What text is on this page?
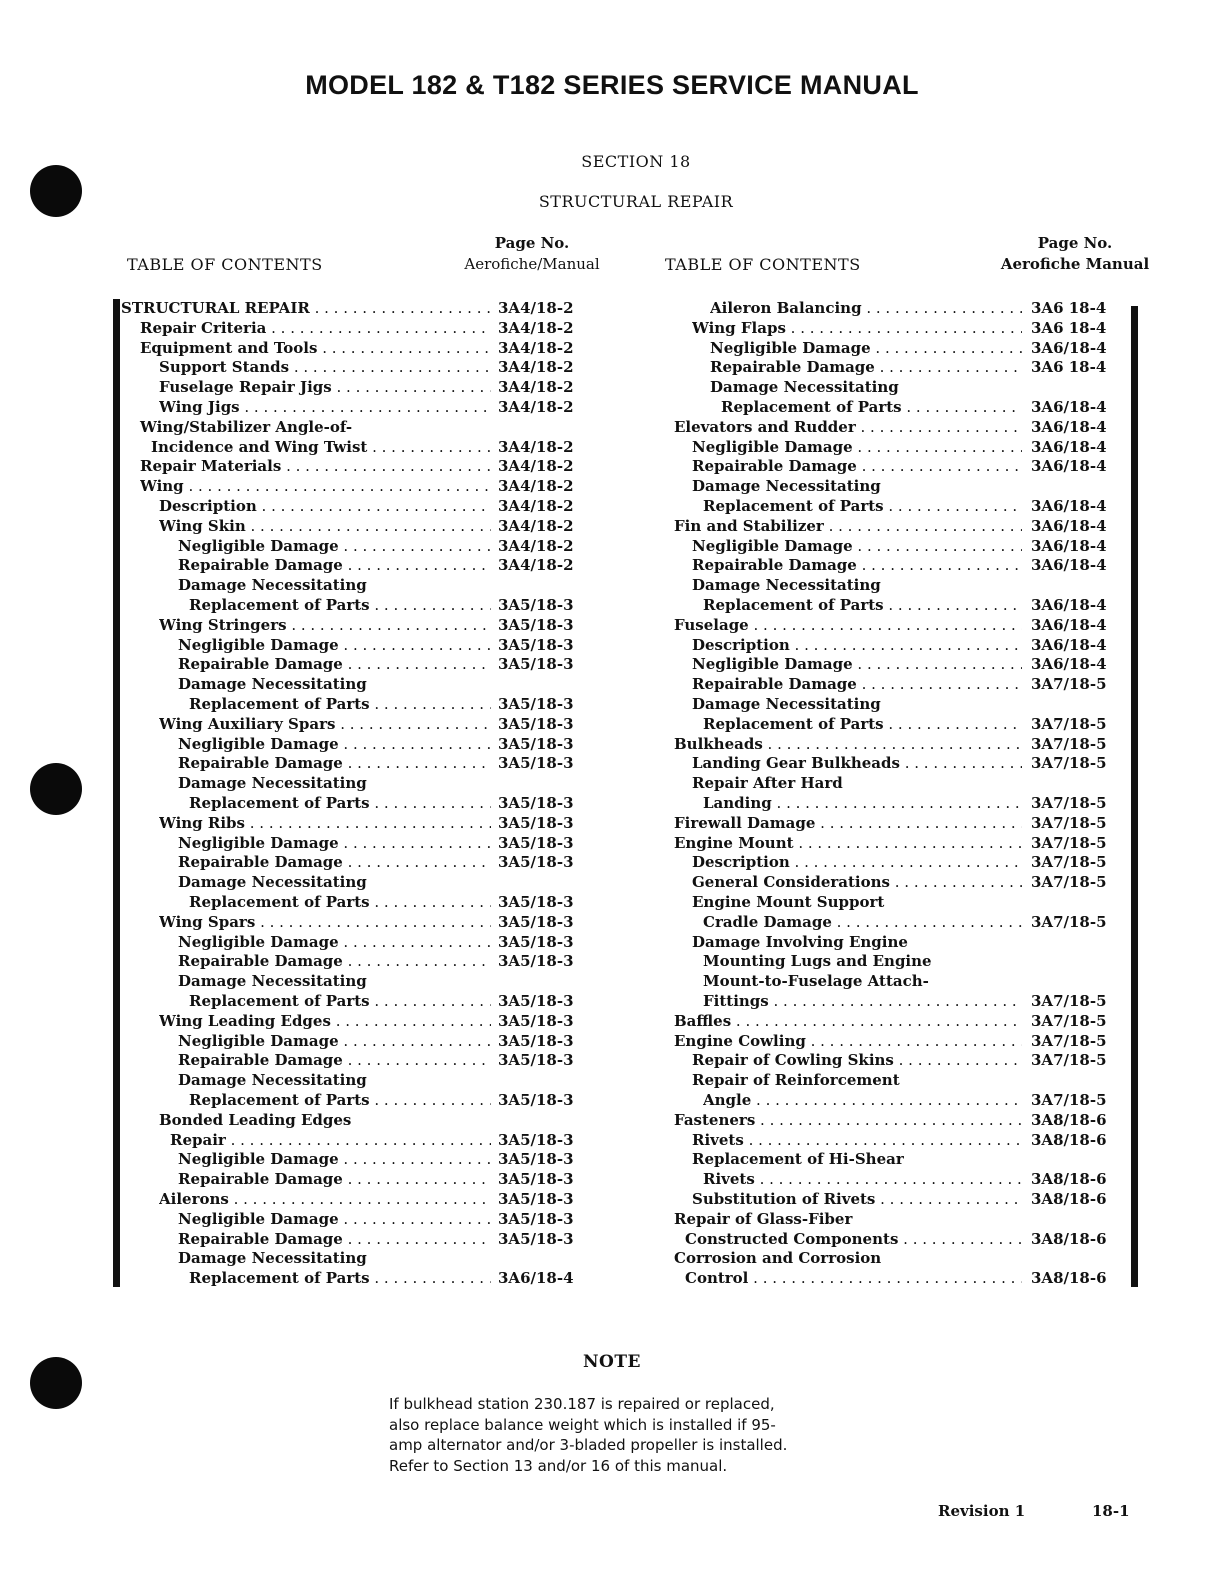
MODEL 182 & T182 SERIES SERVICE MANUAL
SECTION 18
STRUCTURAL REPAIR
TABLE OF CONTENTS
Page No.
Aerofiche/Manual	TABLE OF CONTENTS
Page No.
Aerofiche Manual
STRUCTURAL REPAIR . . .	3A4/18-2
Repair Criteria . . .	3A4/18-2
Equipment and Tools . . .	3A4/18-2
Support Stands . . .	3A4/18-2
Fuselage Repair Jigs . . .	3A4/18-2
Wing Jigs . . .	3A4/18-2
Wing/Stabilizer Angle-of-
Incidence and Wing Twist . . .	3A4/18-2
Repair Materials . . .	3A4/18-2
Wing . . .	3A4/18-2
Description . . .	3A4/18-2
Wing Skin . . .	3A4/18-2
Negligible Damage . . .	3A4/18-2
Repairable Damage . . .	3A4/18-2
Damage Necessitating
Replacement of Parts . . .	3A5/18-3
Wing Stringers . . .	3A5/18-3
Negligible Damage . . .	3A5/18-3
Repairable Damage . . .	3A5/18-3
Damage Necessitating
Replacement of Parts . . .	3A5/18-3
Wing Auxiliary Spars . . .	3A5/18-3
Negligible Damage . . .	3A5/18-3
Repairable Damage . . .	3A5/18-3
Damage Necessitating
Replacement of Parts . . .	3A5/18-3
Wing Ribs . . .	3A5/18-3
Negligible Damage . . .	3A5/18-3
Repairable Damage . . .	3A5/18-3
Damage Necessitating
Replacement of Parts . . .	3A5/18-3
Wing Spars . . .	3A5/18-3
Negligible Damage . . .	3A5/18-3
Repairable Damage . . .	3A5/18-3
Damage Necessitating
Replacement of Parts . . .	3A5/18-3
Wing Leading Edges . . .	3A5/18-3
Negligible Damage . . .	3A5/18-3
Repairable Damage . . .	3A5/18-3
Damage Necessitating
Replacement of Parts . . .	3A5/18-3
Bonded Leading Edges
Repair . . .	3A5/18-3
Negligible Damage . . .	3A5/18-3
Repairable Damage . . .	3A5/18-3
Ailerons . . .	3A5/18-3
Negligible Damage . . .	3A5/18-3
Repairable Damage . . .	3A5/18-3
Damage Necessitating
Replacement of Parts . . .	3A6/18-4
Aileron Balancing . . .	3A6 18-4
Wing Flaps . . .	3A6 18-4
Negligible Damage . . .	3A6/18-4
Repairable Damage . . .	3A6 18-4
Damage Necessitating
Replacement of Parts . . .	3A6/18-4
Elevators and Rudder . . .	3A6/18-4
Negligible Damage . . .	3A6/18-4
Repairable Damage . . .	3A6/18-4
Damage Necessitating
Replacement of Parts . . .	3A6/18-4
Fin and Stabilizer . . .	3A6/18-4
Negligible Damage . . .	3A6/18-4
Repairable Damage . . .	3A6/18-4
Damage Necessitating
Replacement of Parts . . .	3A6/18-4
Fuselage . . .	3A6/18-4
Description . . .	3A6/18-4
Negligible Damage . . .	3A6/18-4
Repairable Damage . . .	3A7/18-5
Damage Necessitating
Replacement of Parts . . .	3A7/18-5
Bulkheads . . .	3A7/18-5
Landing Gear Bulkheads . . .	3A7/18-5
Repair After Hard
Landing . . .	3A7/18-5
Firewall Damage . . .	3A7/18-5
Engine Mount . . .	3A7/18-5
Description . . .	3A7/18-5
General Considerations . . .	3A7/18-5
Engine Mount Support
Cradle Damage . . .	3A7/18-5
Damage Involving Engine
Mounting Lugs and Engine
Mount-to-Fuselage Attach-
Fittings . . .	3A7/18-5
Baffles . . .	3A7/18-5
Engine Cowling . . .	3A7/18-5
Repair of Cowling Skins . . .	3A7/18-5
Repair of Reinforcement
Angle . . .	3A7/18-5
Fasteners . . .	3A8/18-6
Rivets . . .	3A8/18-6
Replacement of Hi-Shear
Rivets . . .	3A8/18-6
Substitution of Rivets . . .	3A8/18-6
Repair of Glass-Fiber
Constructed Components . . .	3A8/18-6
Corrosion and Corrosion
Control . . .	3A8/18-6
NOTE
If bulkhead station 230.187 is repaired or replaced,
also replace balance weight which is installed if 95-
amp alternator and/or 3-bladed propeller is installed.
Refer to Section 13 and/or 16 of this manual.
Revision 1	18-1
